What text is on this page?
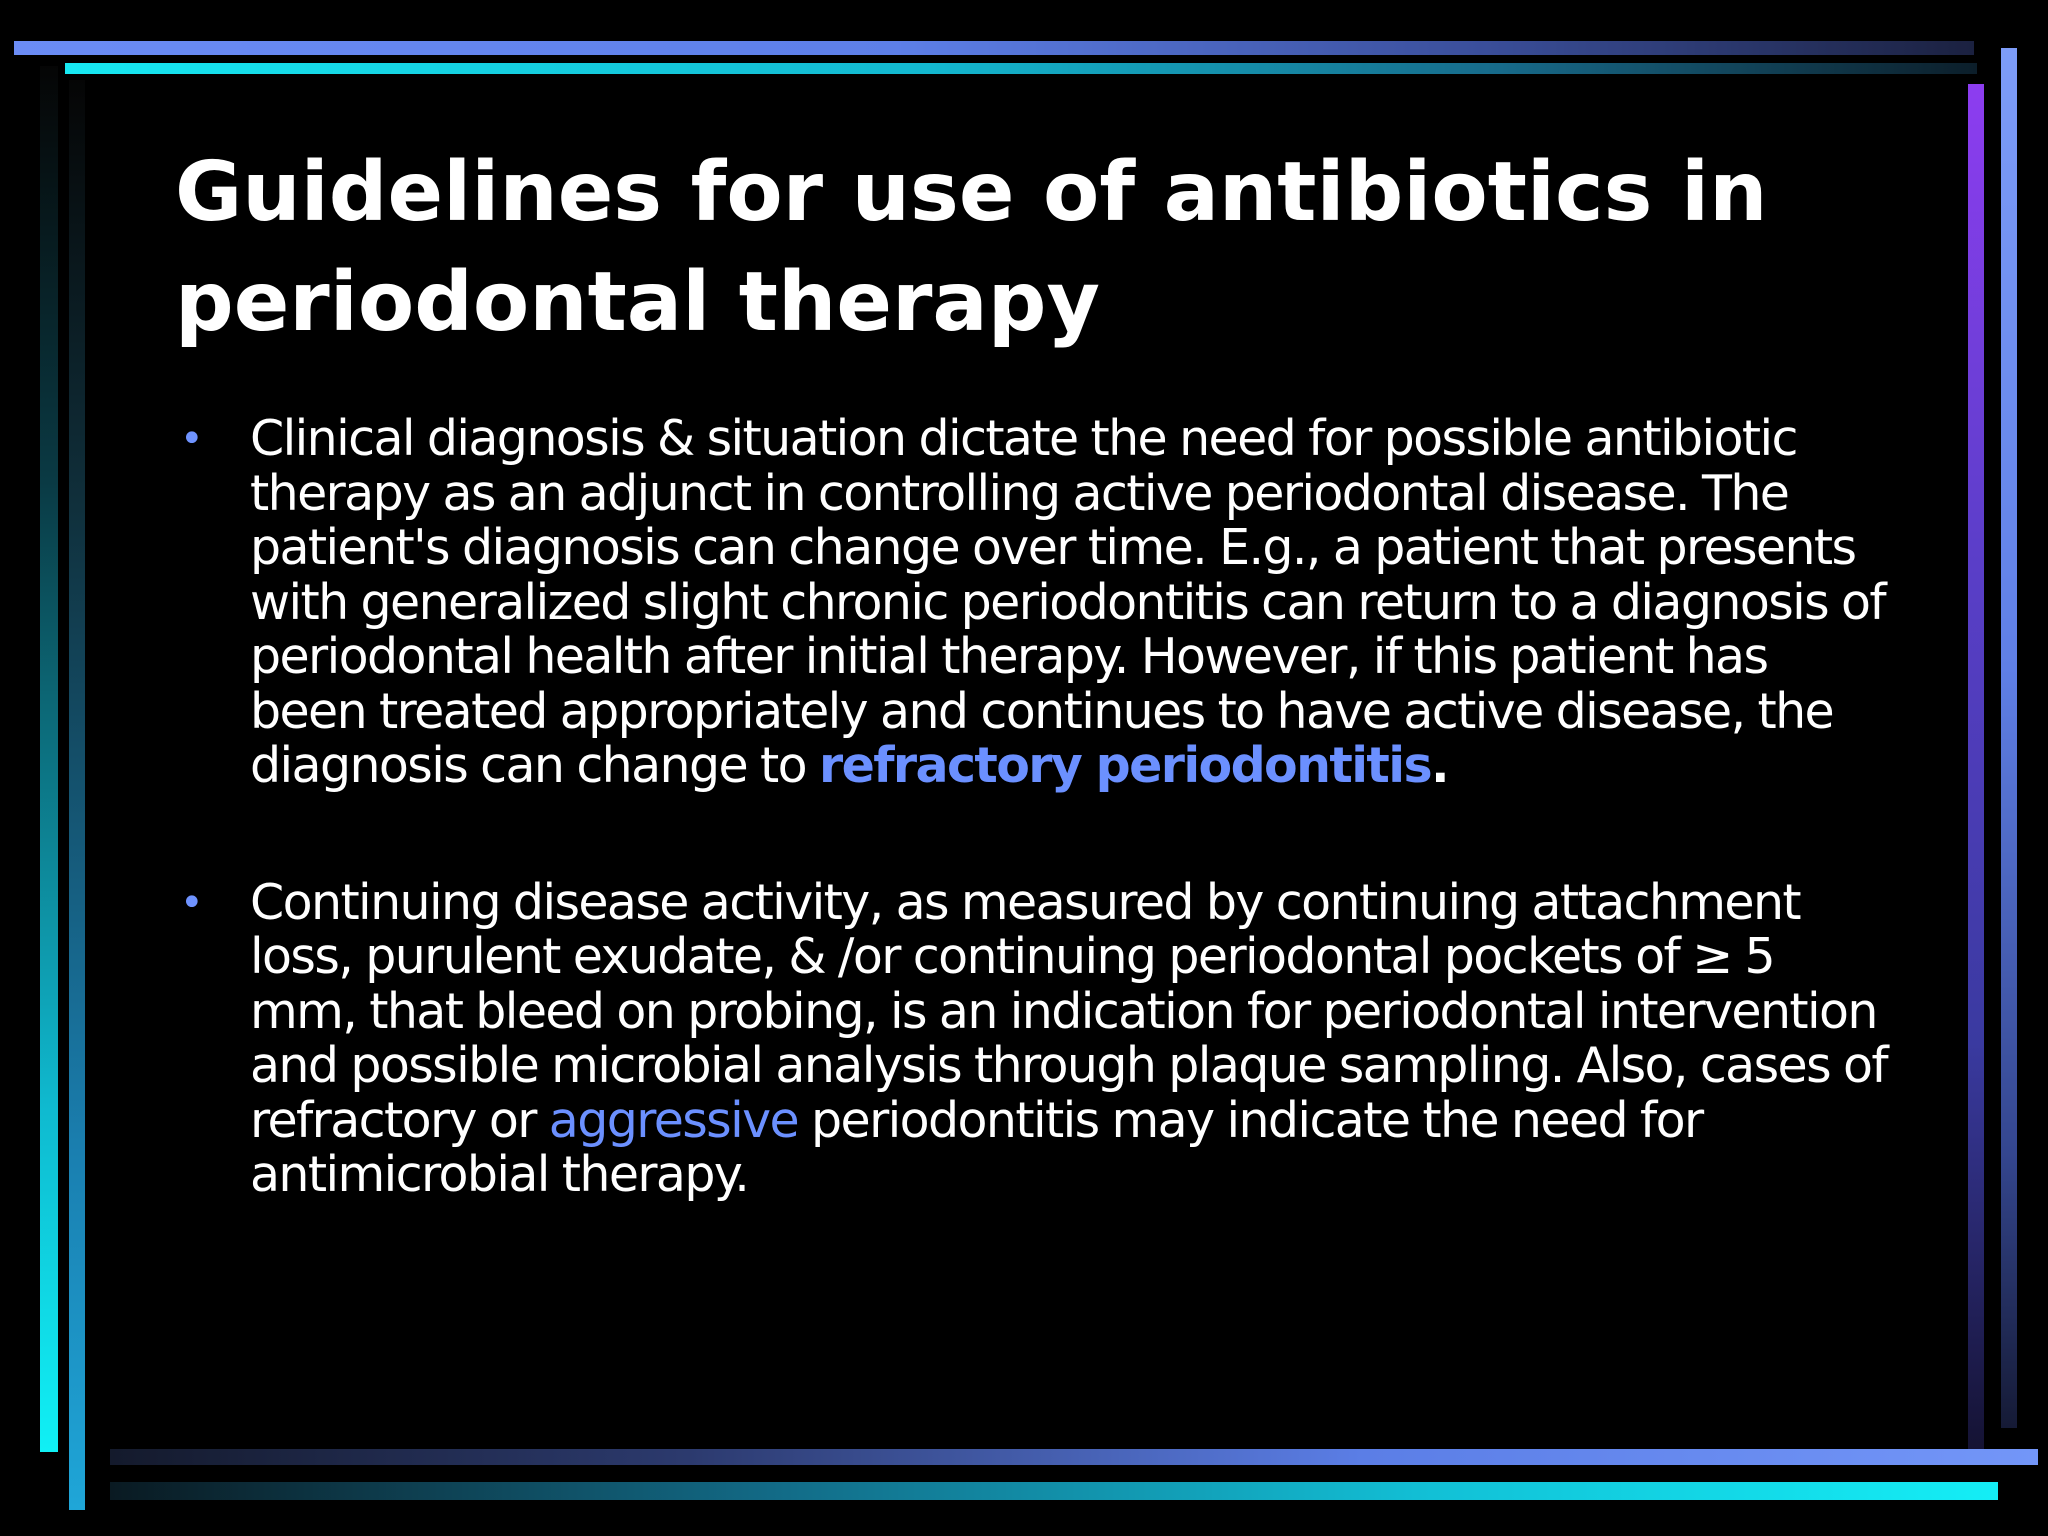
Guidelines for use of antibiotics in periodontal therapy
• Clinical diagnosis & situation dictate the need for possible antibiotic therapy as an adjunct in controlling active periodontal disease. The patient's diagnosis can change over time. E.g., a patient that presents with generalized slight chronic periodontitis can return to a diagnosis of periodontal health after initial therapy. However, if this patient has been treated appropriately and continues to have active disease, the diagnosis can change to refractory periodontitis.
• Continuing disease activity, as measured by continuing attachment loss, purulent exudate, & /or continuing periodontal pockets of ≥ 5 mm, that bleed on probing, is an indication for periodontal intervention and possible microbial analysis through plaque sampling. Also, cases of refractory or aggressive periodontitis may indicate the need for antimicrobial therapy.
